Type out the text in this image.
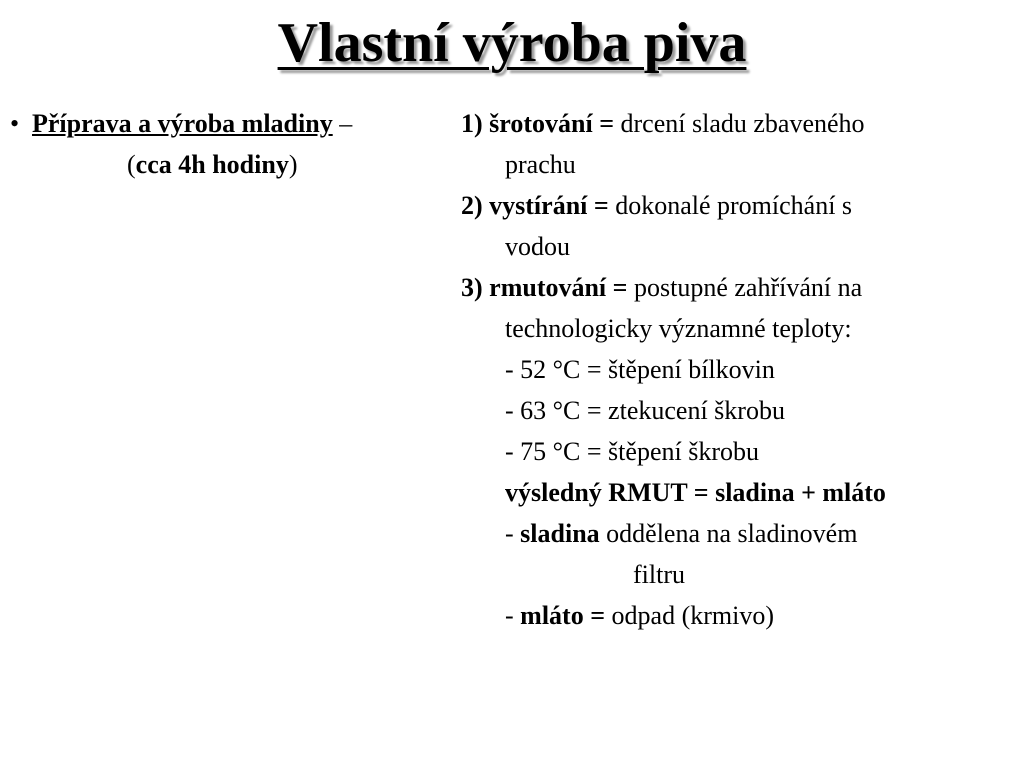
Vlastní výroba piva
• Příprava a výroba mladiny –
(cca 4h hodiny)
1) šrotování = drcení sladu zbaveného
prachu
2) vystírání = dokonalé promíchání s
vodou
3) rmutování = postupné zahřívání na
technologicky významné teploty:
- 52 °C = štěpení bílkovin
- 63 °C = ztekucení škrobu
- 75 °C = štěpení škrobu
výsledný RMUT = sladina + mláto
- sladina oddělena na sladinovém
filtru
- mláto = odpad (krmivo)
